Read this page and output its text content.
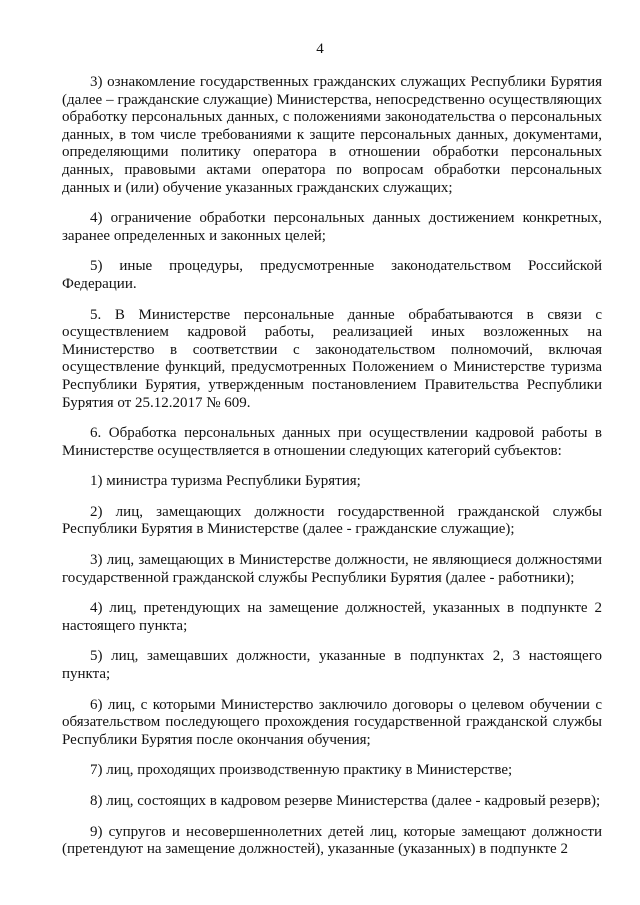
4

3) ознакомление государственных гражданских служащих Республики Бурятия (далее – гражданские служащие) Министерства, непосредственно осуществляющих обработку персональных данных, с положениями законодательства о персональных данных, в том числе требованиями к защите персональных данных, документами, определяющими политику оператора в отношении обработки персональных данных, правовыми актами оператора по вопросам обработки персональных данных и (или) обучение указанных гражданских служащих;

4) ограничение обработки персональных данных достижением конкретных, заранее определенных и законных целей;

5) иные процедуры, предусмотренные законодательством Российской Федерации.

5. В Министерстве персональные данные обрабатываются в связи с осуществлением кадровой работы, реализацией иных возложенных на Министерство в соответствии с законодательством полномочий, включая осуществление функций, предусмотренных Положением о Министерстве туризма Республики Бурятия, утвержденным постановлением Правительства Республики Бурятия от 25.12.2017 № 609.

6. Обработка персональных данных при осуществлении кадровой работы в Министерстве осуществляется в отношении следующих категорий субъектов:

1) министра туризма Республики Бурятия;

2) лиц, замещающих должности государственной гражданской службы Республики Бурятия в Министерстве (далее - гражданские служащие);

3) лиц, замещающих в Министерстве должности, не являющиеся должностями государственной гражданской службы Республики Бурятия (далее - работники);

4) лиц, претендующих на замещение должностей, указанных в подпункте 2 настоящего пункта;

5) лиц, замещавших должности, указанные в подпунктах 2, 3 настоящего пункта;

6) лиц, с которыми Министерство заключило договоры о целевом обучении с обязательством последующего прохождения государственной гражданской службы Республики Бурятия после окончания обучения;

7) лиц, проходящих производственную практику в Министерстве;

8) лиц, состоящих в кадровом резерве Министерства (далее - кадровый резерв);

9) супругов и несовершеннолетних детей лиц, которые замещают должности (претендуют на замещение должностей), указанные (указанных) в подпункте 2
